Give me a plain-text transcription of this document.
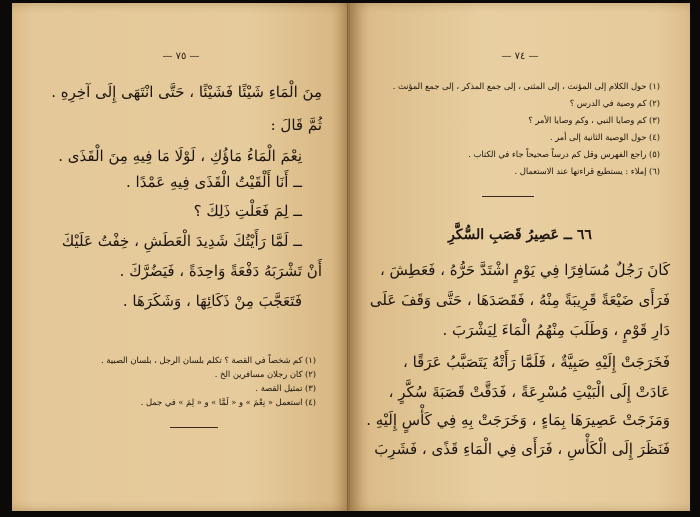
— ٧٥ —
مِنَ الْمَاءِ شَيْئًا فَشَيْئًا ، حَتَّى انْتَهَى إِلَى آخِرِهِ .
ثُمَّ قَالَ :
نِعْمَ الْمَاءُ مَاؤُكِ ، لَوْلَا مَا فِيهِ مِنَ الْقَذَى .
ــ أَنَا أَلْقَيْتُ الْقَذَى فِيهِ عَمْدًا .
ــ لِمَ فَعَلْتِ ذَلِكَ ؟
ــ لَمَّا رَأَيْتُكَ شَدِيدَ الْعَطَشِ ، خِفْتُ عَلَيْكَ
أَنْ تَشْرَبَهُ دَفْعَةً وَاحِدَةً ، فَيَضُرَّكَ .
فَتَعَجَّبَ مِنْ ذَكَائِهَا ، وَشَكَرَهَا .
(١) كم شخصاً في القصة ؟ تكلم بلسان الرجل ، بلسان الصبية .
(٢) كان رجلان مسافرين الخ .
(٣) تمثيل القصة .
(٤) استعمل « نِعْمَ » و « لَمَّا » و « لِمَ » في جمل .
— ٧٤ —
(١) حول الكلام إلى المؤنث ، إلى المثنى ، إلى جمع المذكر ، إلى جمع المؤنث .
(٢) كم وصية في الدرس ؟
(٣) كم وصايا النبي ، وكم وصايا الأمر ؟
(٤) حول الوصية الثانية إلى أمر .
(٥) راجع الفهرس وقل كم درساً صحيحاً جاء في الكتاب .
(٦) إملاء : يستطيع قراءتها عند الاستعمال .
٦٦ ــ عَصِيرُ قَصَبِ السُّكَّرِ
كَانَ رَجُلٌ مُسَافِرًا فِي يَوْمٍ اشْتَدَّ حَرُّهُ ، فَعَطِشَ ،
فَرَأَى ضَيْعَةً قَرِيبَةً مِنْهُ ، فَقَصَدَهَا ، حَتَّى وَقَفَ عَلَى
دَارِ قَوْمٍ ، وَطَلَبَ مِنْهُمُ الْمَاءَ لِيَشْرَبَ .
فَخَرَجَتْ إِلَيْهِ صَبِيَّةٌ ، فَلَمَّا رَأَتْهُ يَتَصَبَّبُ عَرَقًا ،
عَادَتْ إِلَى الْبَيْتِ مُسْرِعَةً ، فَدَقَّتْ قَصَبَةَ سُكَّرٍ ،
وَمَزَجَتْ عَصِيرَهَا بِمَاءٍ ، وَخَرَجَتْ بِهِ فِي كَأْسٍ إِلَيْهِ .
فَنَظَرَ إِلَى الْكَأْسِ ، فَرَأَى فِي الْمَاءِ قَذًى ، فَشَرِبَ
